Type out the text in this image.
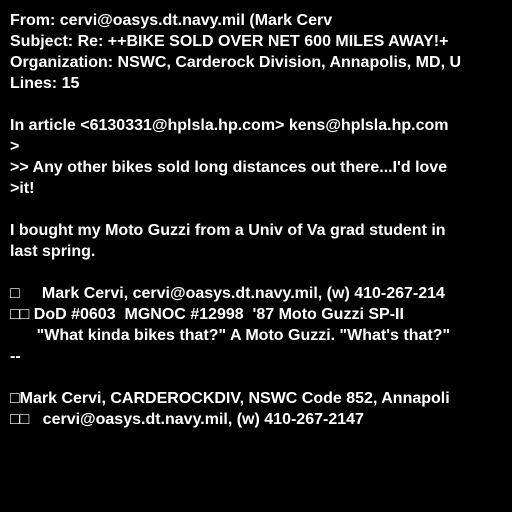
From: cervi@oasys.dt.navy.mil (Mark Cerv
Subject: Re: ++BIKE SOLD OVER NET 600 MILES AWAY!+
Organization: NSWC, Carderock Division, Annapolis, MD, U
Lines: 15
In article <6130331@hplsla.hp.com> kens@hplsla.hp.com
>
>> Any other bikes sold long distances out there...I'd love
>it!
I bought my Moto Guzzi from a Univ of Va grad student in
last spring.
□     Mark Cervi, cervi@oasys.dt.navy.mil, (w) 410-267-214
□□ DoD #0603  MGNOC #12998  '87 Moto Guzzi SP-II
"What kinda bikes that?" A Moto Guzzi. "What's that?"
--
□Mark Cervi, CARDEROCKDIV, NSWC Code 852, Annapoli
□□   cervi@oasys.dt.navy.mil, (w) 410-267-2147
